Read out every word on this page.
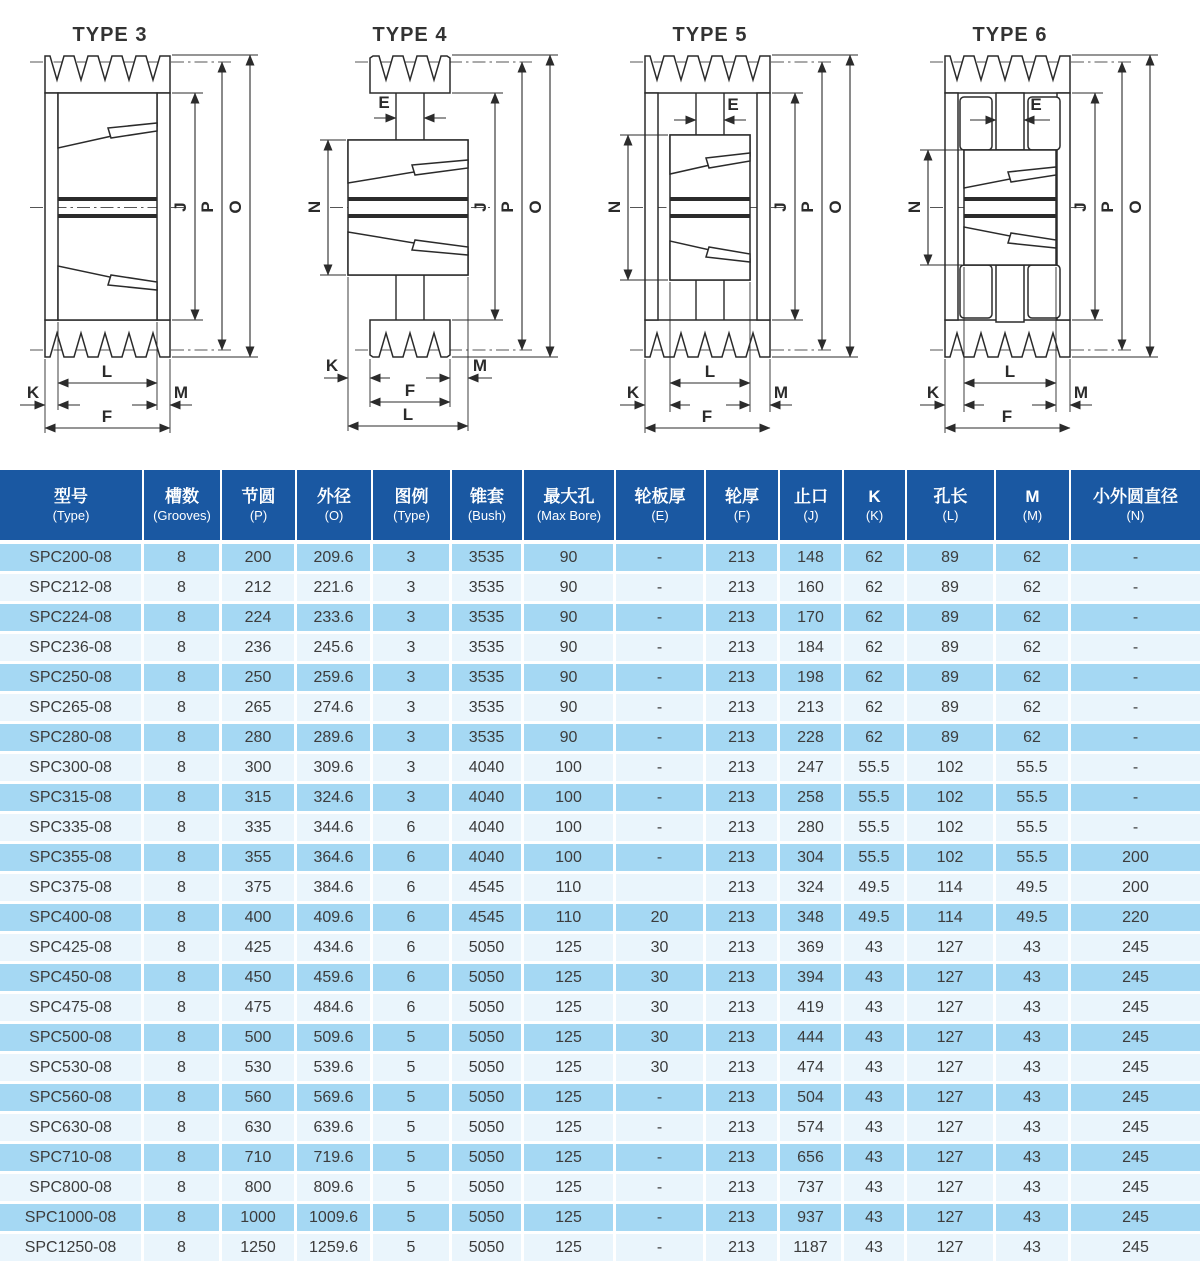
TYPE 3
J P O
L
K	M
F
TYPE 4
E
N	J P O
K	M
F
L
TYPE 5
E
N	J P O
L
K	M
F
TYPE 6
E
N	J P O
L
K	M
F
型号
(Type)

槽数
(Grooves)

节圆
(P)

外径
(O)

图例
(Type)

锥套
(Bush)

最大孔
(Max Bore)

轮板厚
(E)

轮厚
(F)

止口
(J)

K
(K)

孔长
(L)

M
(M)

小外圆直径
(N)

SPC200-08	8	200	209.6	3	3535	90	-	213	148	62	89	62	-
SPC212-08	8	212	221.6	3	3535	90	-	213	160	62	89	62	-
SPC224-08	8	224	233.6	3	3535	90	-	213	170	62	89	62	-
SPC236-08	8	236	245.6	3	3535	90	-	213	184	62	89	62	-
SPC250-08	8	250	259.6	3	3535	90	-	213	198	62	89	62	-
SPC265-08	8	265	274.6	3	3535	90	-	213	213	62	89	62	-
SPC280-08	8	280	289.6	3	3535	90	-	213	228	62	89	62	-
SPC300-08	8	300	309.6	3	4040	100	-	213	247	55.5	102	55.5	-
SPC315-08	8	315	324.6	3	4040	100	-	213	258	55.5	102	55.5	-
SPC335-08	8	335	344.6	6	4040	100	-	213	280	55.5	102	55.5	-
SPC355-08	8	355	364.6	6	4040	100	-	213	304	55.5	102	55.5	200
SPC375-08	8	375	384.6	6	4545	110		213	324	49.5	114	49.5	200
SPC400-08	8	400	409.6	6	4545	110	20	213	348	49.5	114	49.5	220
SPC425-08	8	425	434.6	6	5050	125	30	213	369	43	127	43	245
SPC450-08	8	450	459.6	6	5050	125	30	213	394	43	127	43	245
SPC475-08	8	475	484.6	6	5050	125	30	213	419	43	127	43	245
SPC500-08	8	500	509.6	5	5050	125	30	213	444	43	127	43	245
SPC530-08	8	530	539.6	5	5050	125	30	213	474	43	127	43	245
SPC560-08	8	560	569.6	5	5050	125	-	213	504	43	127	43	245
SPC630-08	8	630	639.6	5	5050	125	-	213	574	43	127	43	245
SPC710-08	8	710	719.6	5	5050	125	-	213	656	43	127	43	245
SPC800-08	8	800	809.6	5	5050	125	-	213	737	43	127	43	245
SPC1000-08	8	1000	1009.6	5	5050	125	-	213	937	43	127	43	245
SPC1250-08	8	1250	1259.6	5	5050	125	-	213	1187	43	127	43	245
